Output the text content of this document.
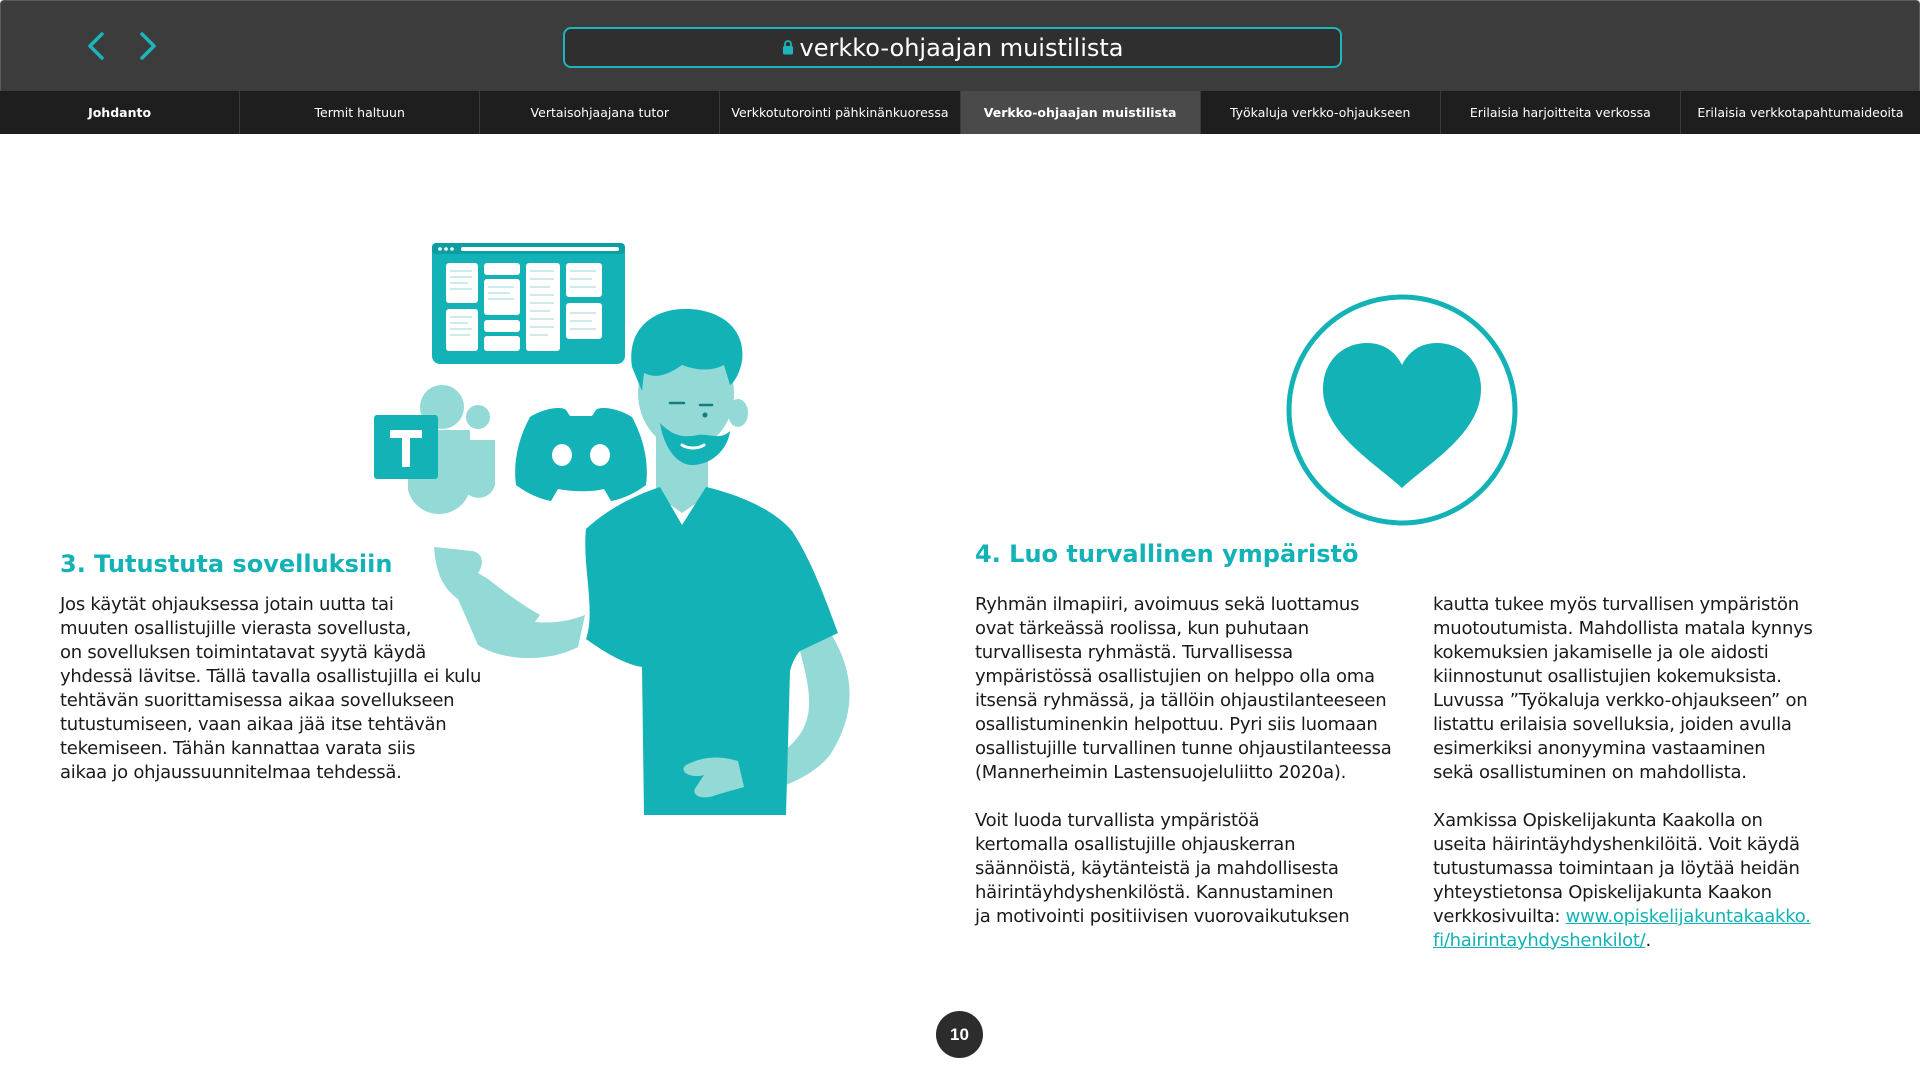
verkko-ohjaajan muistilista
Johdanto	Termit haltuun	Vertaisohjaajana tutor	Verkkotutorointi pähkinänkuoressa	Verkko-ohjaajan muistilista	Työkaluja verkko-ohjaukseen	Erilaisia harjoitteita verkossa	Erilaisia verkkotapahtumaideoita
3. Tutustuta sovelluksiin

Jos käytät ohjauksessa jotain uutta tai
muuten osallistujille vierasta sovellusta,
on sovelluksen toimintatavat syytä käydä
yhdessä lävitse. Tällä tavalla osallistujilla ei kulu
tehtävän suorittamisessa aikaa sovellukseen
tutustumiseen, vaan aikaa jää itse tehtävän
tekemiseen. Tähän kannattaa varata siis
aikaa jo ohjaussuunnitelmaa tehdessä.

4. Luo turvallinen ympäristö

Ryhmän ilmapiiri, avoimuus sekä luottamus
ovat tärkeässä roolissa, kun puhutaan
turvallisesta ryhmästä. Turvallisessa
ympäristössä osallistujien on helppo olla oma
itsensä ryhmässä, ja tällöin ohjaustilanteeseen
osallistuminenkin helpottuu. Pyri siis luomaan
osallistujille turvallinen tunne ohjaustilanteessa
(Mannerheimin Lastensuojeluliitto 2020a).

Voit luoda turvallista ympäristöä
kertomalla osallistujille ohjauskerran
säännöistä, käytänteistä ja mahdollisesta
häirintäyhdyshenkilöstä. Kannustaminen
ja motivointi positiivisen vuorovaikutuksen

kautta tukee myös turvallisen ympäristön
muotoutumista. Mahdollista matala kynnys
kokemuksien jakamiselle ja ole aidosti
kiinnostunut osallistujien kokemuksista.
Luvussa ”Työkaluja verkko-ohjaukseen” on
listattu erilaisia sovelluksia, joiden avulla
esimerkiksi anonyymina vastaaminen
sekä osallistuminen on mahdollista.

Xamkissa Opiskelijakunta Kaakolla on
useita häirintäyhdyshenkilöitä. Voit käydä
tutustumassa toimintaan ja löytää heidän
yhteystietonsa Opiskelijakunta Kaakon
verkkosivuilta: www.opiskelijakuntakaakko.
fi/hairintayhdyshenkilot/.

10
